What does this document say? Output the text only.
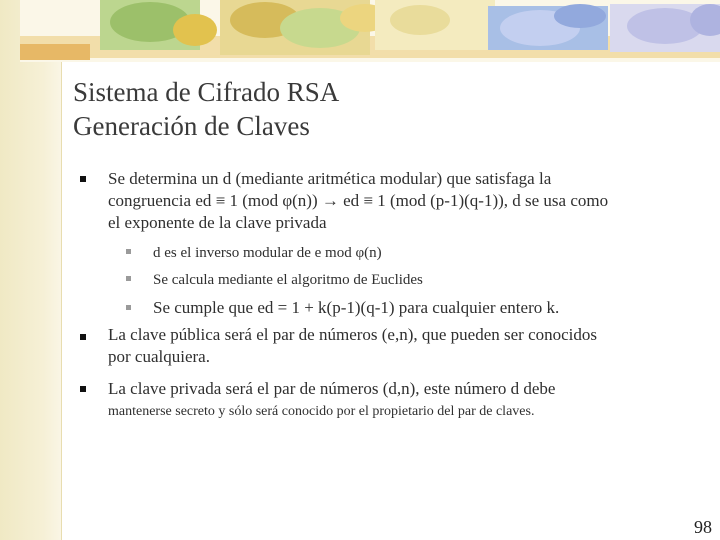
Sistema de Cifrado RSA
Generación de Claves
Se determina un d (mediante aritmética modular) que satisfaga la
congruencia ed ≡ 1 (mod φ(n)) → ed ≡ 1 (mod (p-1)(q-1)), d se usa como
el exponente de la clave privada
d es el inverso modular de e mod φ(n)
Se calcula mediante el algoritmo de Euclides
Se cumple que ed = 1 + k(p-1)(q-1) para cualquier entero k.
La clave pública será el par de números (e,n), que pueden ser conocidos
por cualquiera.
La clave privada será el par de números (d,n), este número d debe
mantenerse secreto y sólo será conocido por el propietario del par de claves.
98
